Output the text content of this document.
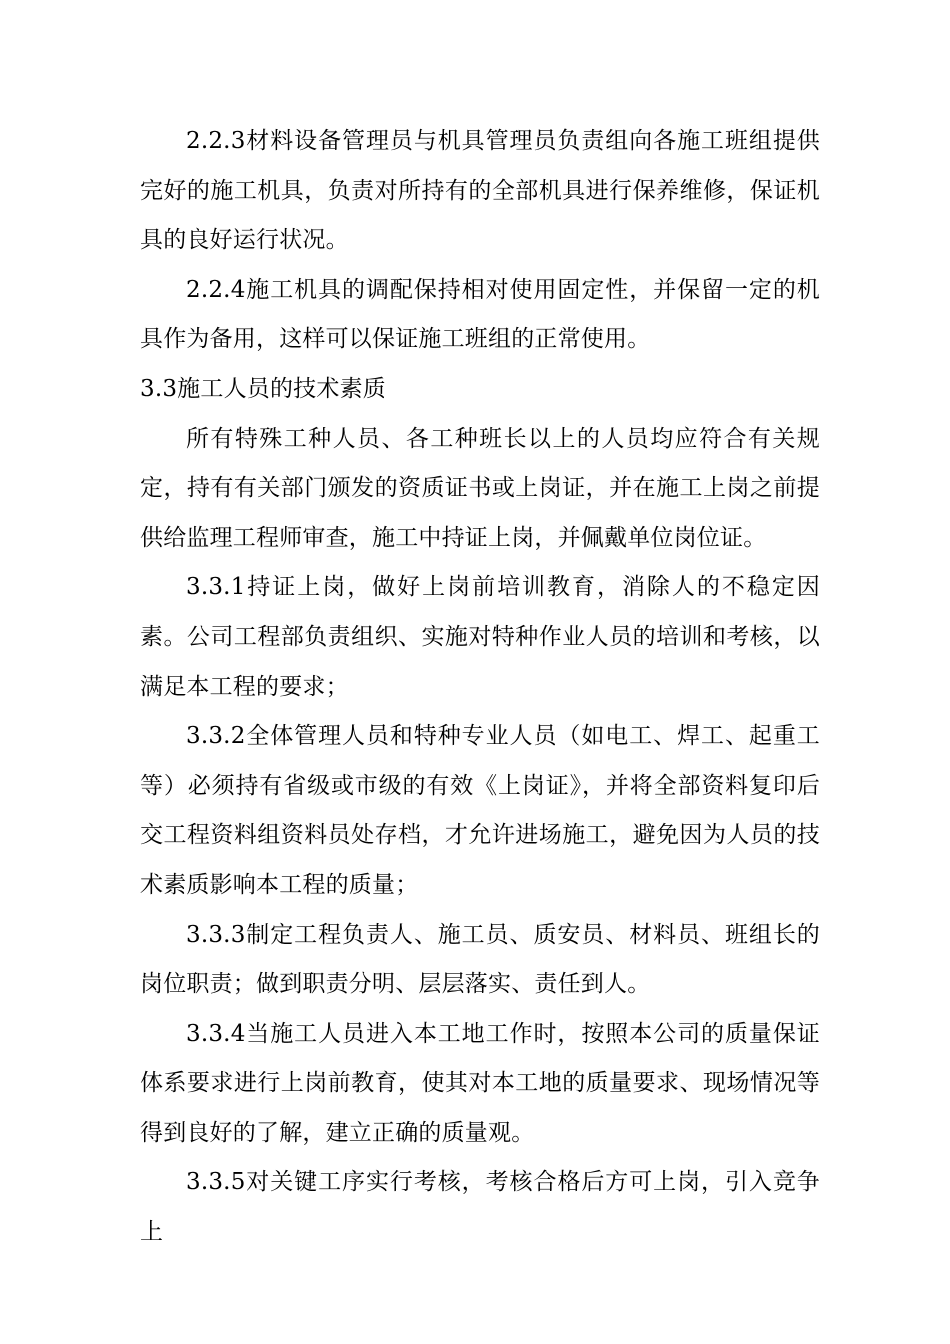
2.2.3材料设备管理员与机具管理员负责组向各施工班组提供完好的施工机具，负责对所持有的全部机具进行保养维修，保证机具的良好运行状况。

2.2.4施工机具的调配保持相对使用固定性，并保留一定的机具作为备用，这样可以保证施工班组的正常使用。

3.3施工人员的技术素质

所有特殊工种人员、各工种班长以上的人员均应符合有关规定，持有有关部门颁发的资质证书或上岗证，并在施工上岗之前提供给监理工程师审查，施工中持证上岗，并佩戴单位岗位证。

3.3.1持证上岗，做好上岗前培训教育，消除人的不稳定因素。公司工程部负责组织、实施对特种作业人员的培训和考核，以满足本工程的要求；

3.3.2全体管理人员和特种专业人员（如电工、焊工、起重工等）必须持有省级或市级的有效《上岗证》，并将全部资料复印后交工程资料组资料员处存档，才允许进场施工，避免因为人员的技术素质影响本工程的质量；

3.3.3制定工程负责人、施工员、质安员、材料员、班组长的岗位职责；做到职责分明、层层落实、责任到人。

3.3.4当施工人员进入本工地工作时，按照本公司的质量保证体系要求进行上岗前教育，使其对本工地的质量要求、现场情况等得到良好的了解，建立正确的质量观。

3.3.5对关键工序实行考核，考核合格后方可上岗，引入竞争上
